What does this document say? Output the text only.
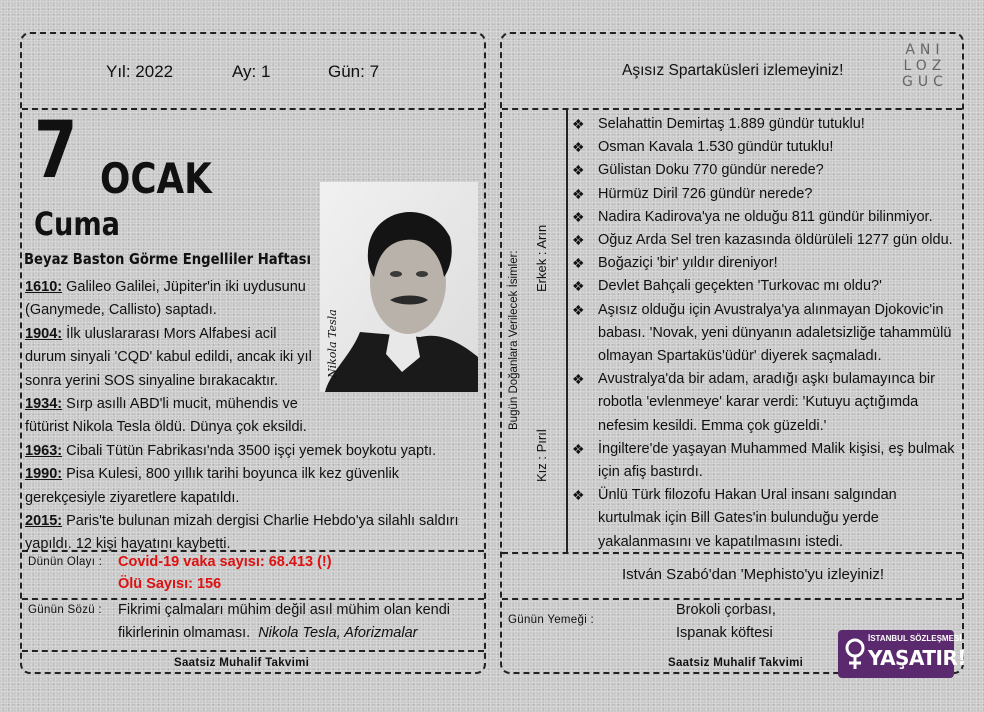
Yıl: 2022	Ay: 1	Gün: 7
7 OCAK
Cuma
Beyaz Baston Görme Engelliler Haftası
Nikola Tesla
1610: Galileo Galilei, Jüpiter'in iki uydusunu
(Ganymede, Callisto) saptadı.
1904: İlk uluslararası Mors Alfabesi acil
durum sinyali 'CQD' kabul edildi, ancak iki yıl
sonra yerini SOS sinyaline bırakacaktır.
1934: Sırp asıllı ABD'li mucit, mühendis ve
fütürist Nikola Tesla öldü. Dünya çok eksildi.
1963: Cibali Tütün Fabrikası'nda 3500 işçi yemek boykotu yaptı.
1990: Pisa Kulesi, 800 yıllık tarihi boyunca ilk kez güvenlik
gerekçesiyle ziyaretlere kapatıldı.
2015: Paris'te bulunan mizah dergisi Charlie Hebdo'ya silahlı saldırı
yapıldı. 12 kişi hayatını kaybetti.
Dünün Olayı : Covid-19 vaka sayısı: 68.413 (!)
Ölü Sayısı: 156
Günün Sözü : Fikrimi çalmaları mühim değil asıl mühim olan kendi
fikirlerinin olmaması. Nikola Tesla, Aforizmalar
Saatsiz Muhalif Takvimi
Aşısız Spartaküsleri izlemeyiniz!
ANI
LOZ
GUC
Bugün Doğanlara Verilecek İsimler: Erkek : Arın
Kız : Pırıl
❖ Selahattin Demirtaş 1.889 gündür tutuklu!
❖ Osman Kavala 1.530 gündür tutuklu!
❖ Gülistan Doku 770 gündür nerede?
❖ Hürmüz Diril 726 gündür nerede?
❖ Nadira Kadirova'ya ne olduğu 811 gündür bilinmiyor.
❖ Oğuz Arda Sel tren kazasında öldürüleli 1277 gün oldu.
❖ Boğaziçi 'bir' yıldır direniyor!
❖ Devlet Bahçali geçekten 'Turkovac mı oldu?'
❖ Aşısız olduğu için Avustralya'ya alınmayan Djokovic'in
babası. 'Novak, yeni dünyanın adaletsizliğe tahammülü
olmayan Spartaküs'üdür' diyerek saçmaladı.
❖ Avustralya'da bir adam, aradığı aşkı bulamayınca bir
robotla 'evlenmeye' karar verdi: 'Kutuyu açtığımda
nefesim kesildi. Emma çok güzeldi.'
❖ İngiltere'de yaşayan Muhammed Malik kişisi, eş bulmak
için afiş bastırdı.
❖ Ünlü Türk filozofu Hakan Ural insanı salgından
kurtulmak için Bill Gates'in bulunduğu yerde
yakalanmasını ve kapatılmasını istedi.
István Szabó'dan 'Mephisto'yu izleyiniz!
Günün Yemeği :
Brokoli çorbası,
Ispanak köftesi
Saatsiz Muhalif Takvimi
İSTANBUL SÖZLEŞMESİ
YAŞATIR!
